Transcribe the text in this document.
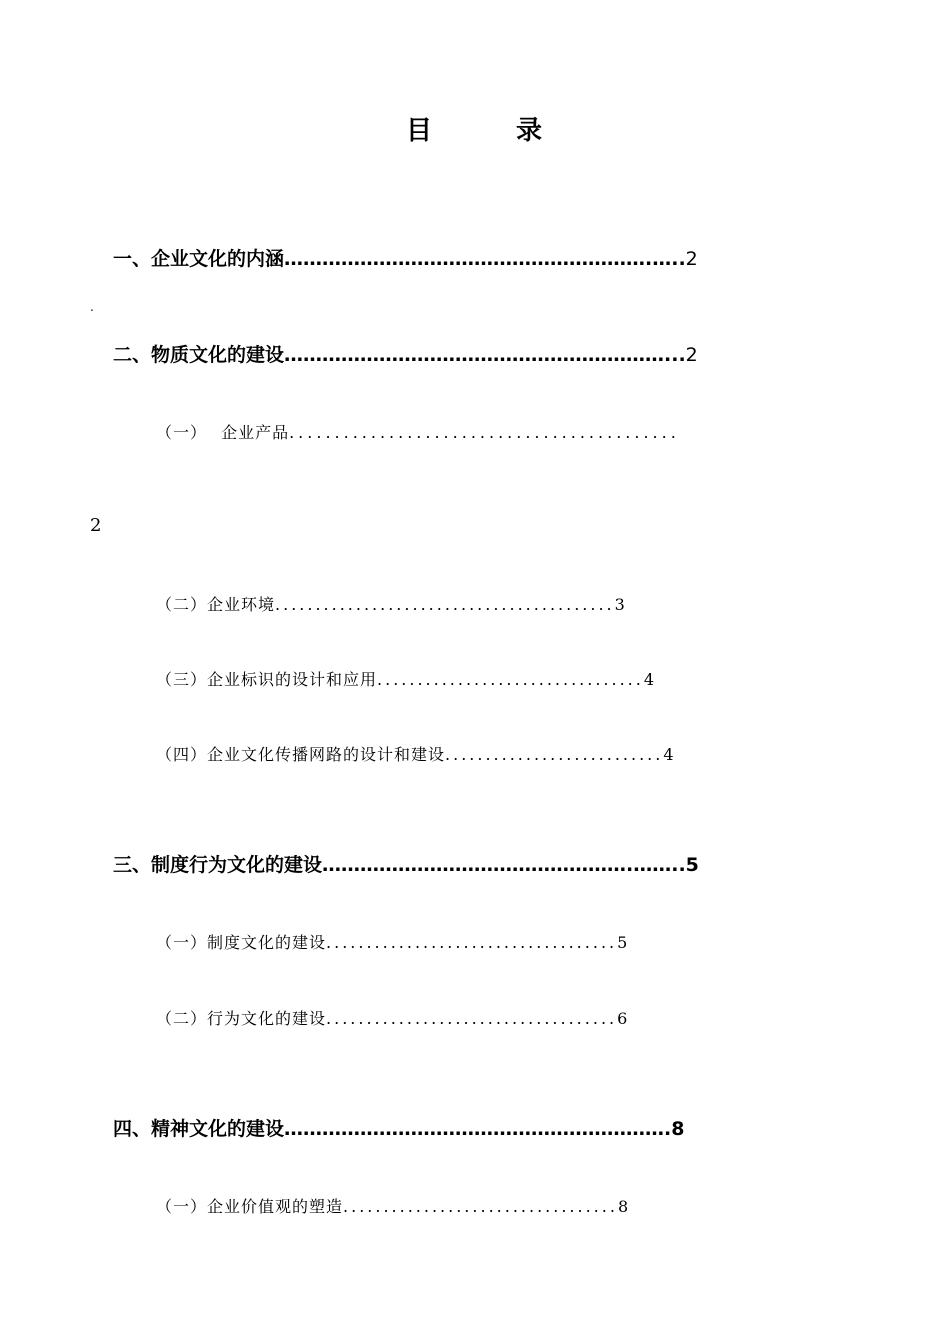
目	录
一、企业文化的内涵………………………………………………….…..2
.
二、物质文化的建设……………………………………………………...2
（一） 企业产品...........................................
2
（二）企业环境..........................................3
（三）企业标识的设计和应用.................................4
（四）企业文化传播网路的设计和建设...........................4
三、制度行为文化的建设………………………………………….……..5
（一）制度文化的建设....................................5
（二）行为文化的建设....................................6
四、精神文化的建设…………………………………………………….8
（一）企业价值观的塑造..................................8
